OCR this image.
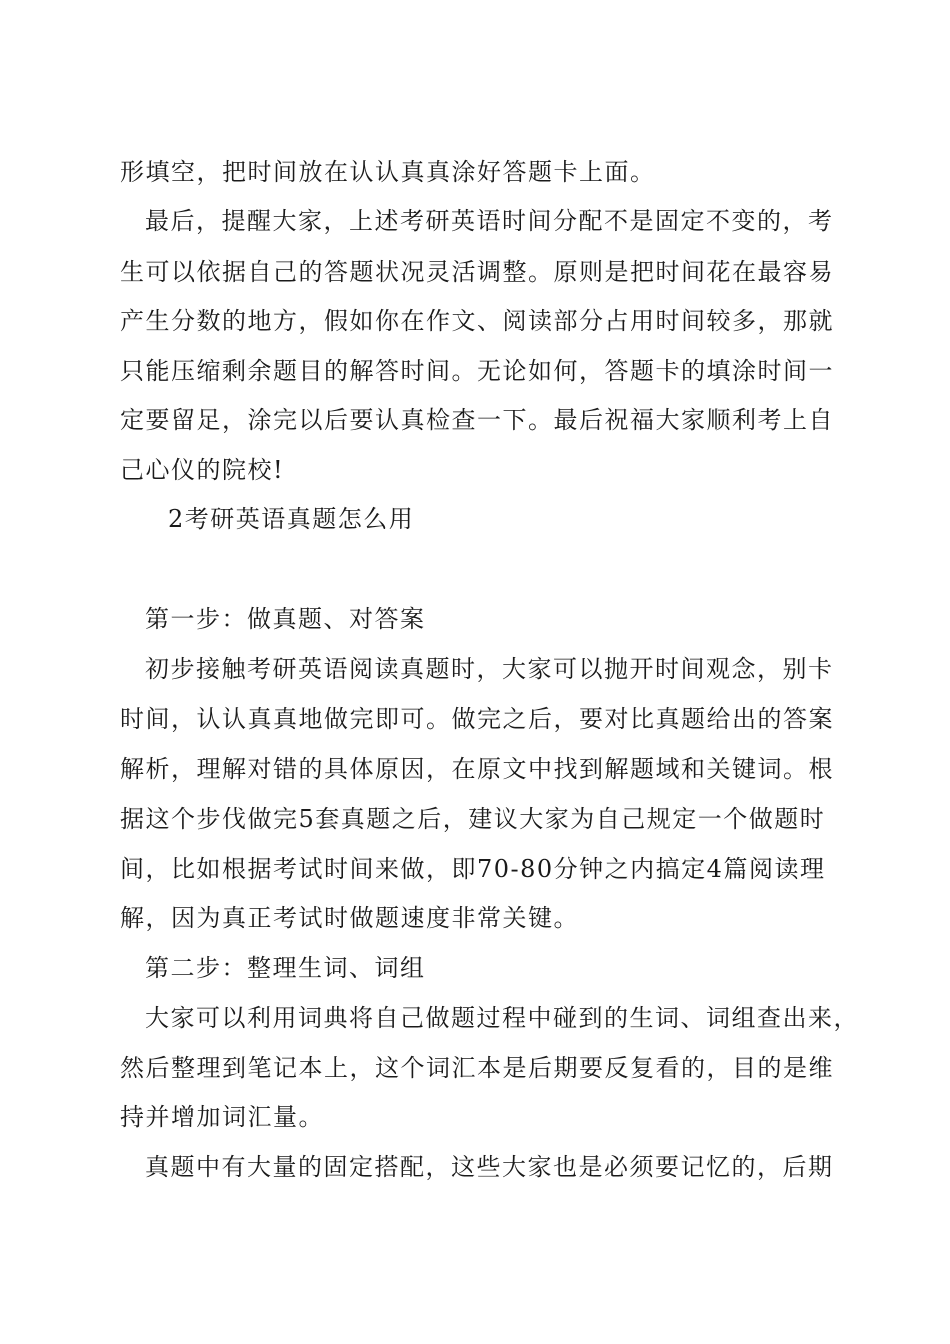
形填空，把时间放在认认真真涂好答题卡上面。
最后，提醒大家，上述考研英语时间分配不是固定不变的，考
生可以依据自己的答题状况灵活调整。原则是把时间花在最容易
产生分数的地方，假如你在作文、阅读部分占用时间较多，那就
只能压缩剩余题目的解答时间。无论如何，答题卡的填涂时间一
定要留足，涂完以后要认真检查一下。最后祝福大家顺利考上自
己心仪的院校!
2考研英语真题怎么用
第一步：做真题、对答案
初步接触考研英语阅读真题时，大家可以抛开时间观念，别卡
时间，认认真真地做完即可。做完之后，要对比真题给出的答案
解析，理解对错的具体原因，在原文中找到解题域和关键词。根
据这个步伐做完5套真题之后，建议大家为自己规定一个做题时
间，比如根据考试时间来做，即70-80分钟之内搞定4篇阅读理
解，因为真正考试时做题速度非常关键。
第二步：整理生词、词组
大家可以利用词典将自己做题过程中碰到的生词、词组查出来，
然后整理到笔记本上，这个词汇本是后期要反复看的，目的是维
持并增加词汇量。
真题中有大量的固定搭配，这些大家也是必须要记忆的，后期
